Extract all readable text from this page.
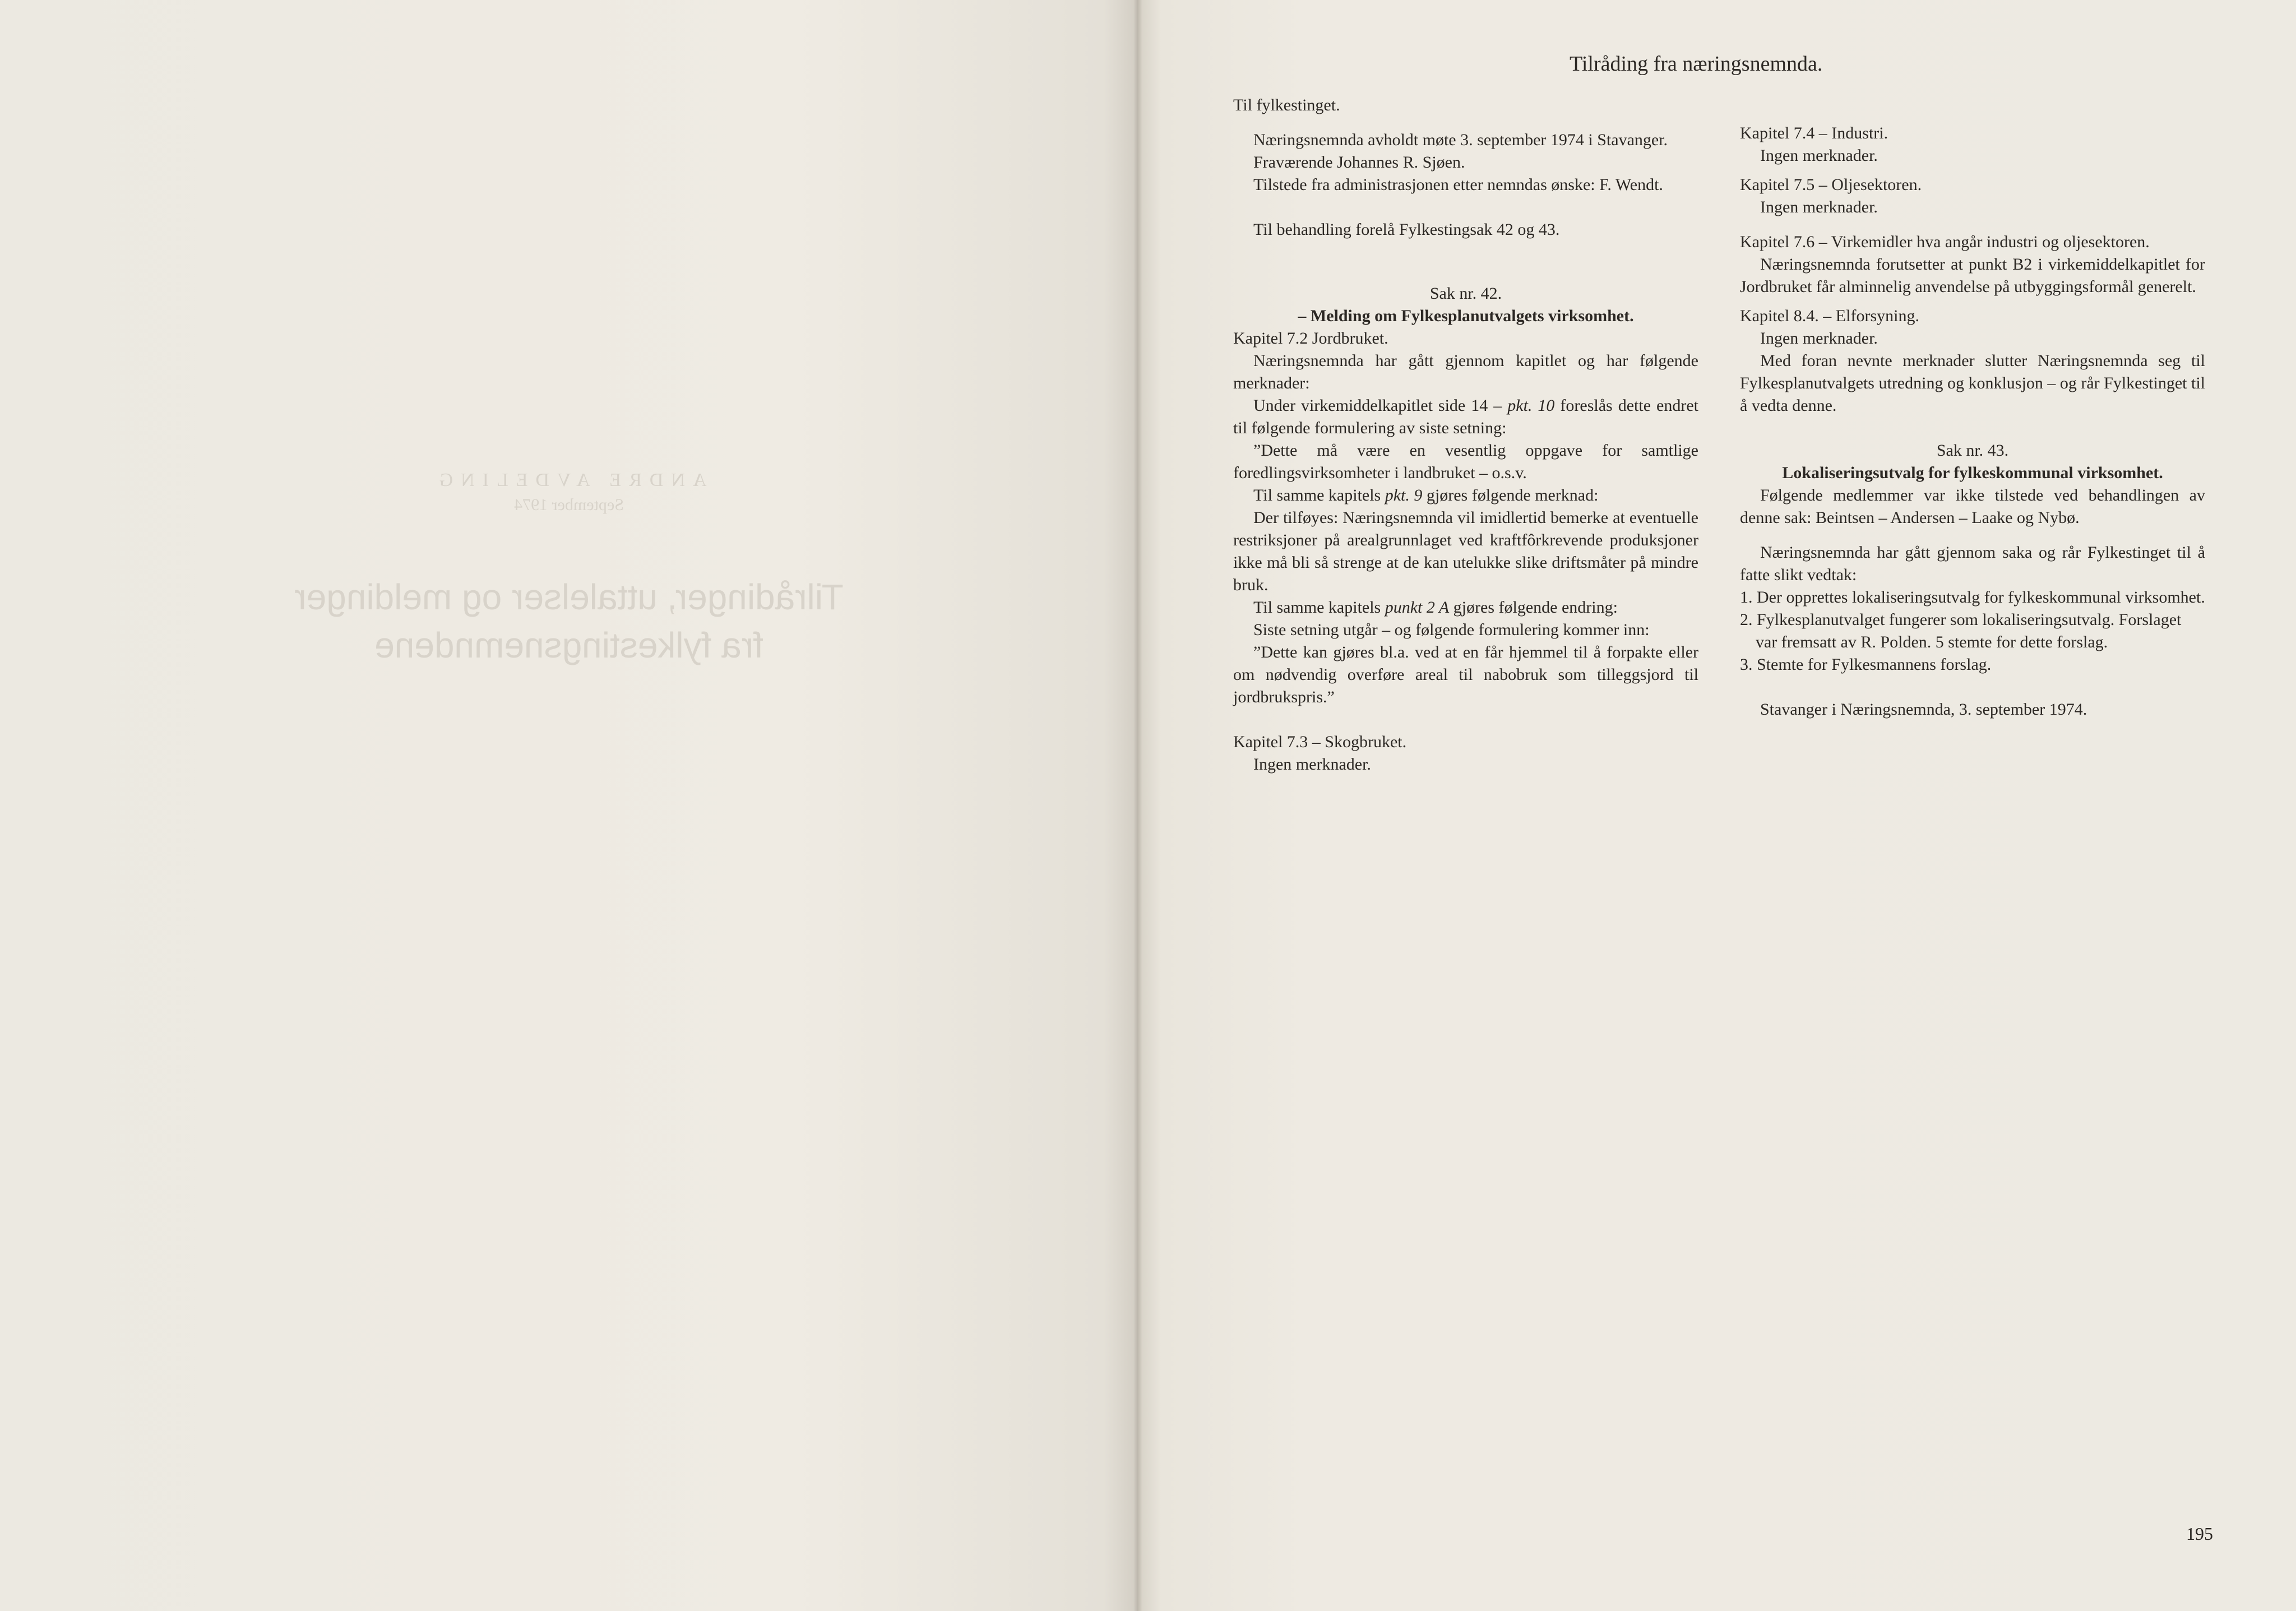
ANDRE AVDELING
September 1974
Tilrådinger, uttalelser og meldinger
fra fylkestingsnemndene
Tilråding fra næringsnemnda.

Til fylkestinget.

Næringsnemnda avholdt møte 3. september 1974 i Stavanger.

Fraværende Johannes R. Sjøen.

Tilstede fra administrasjonen etter nemndas ønske: F. Wendt.

Til behandling forelå Fylkestingsak 42 og 43.

Sak nr. 42.

– Melding om Fylkesplanutvalgets virksomhet.

Kapitel 7.2 Jordbruket.

Næringsnemnda har gått gjennom kapitlet og har følgende merknader:

Under virkemiddelkapitlet side 14 – pkt. 10 foreslås dette endret til følgende formulering av siste setning:

”Dette må være en vesentlig oppgave for samtlige foredlingsvirksomheter i landbruket – o.s.v.

Til samme kapitels pkt. 9 gjøres følgende merknad:

Der tilføyes: Næringsnemnda vil imidlertid bemerke at eventuelle restriksjoner på arealgrunnlaget ved kraftfôrkrevende produksjoner ikke må bli så strenge at de kan utelukke slike driftsmåter på mindre bruk.

Til samme kapitels punkt 2 A gjøres følgende endring:

Siste setning utgår – og følgende formulering kommer inn:

”Dette kan gjøres bl.a. ved at en får hjemmel til å forpakte eller om nødvendig overføre areal til nabobruk som tilleggsjord til jordbrukspris.”

Kapitel 7.3 – Skogbruket.

Ingen merknader.

Kapitel 7.4 – Industri.

Ingen merknader.

Kapitel 7.5 – Oljesektoren.

Ingen merknader.

Kapitel 7.6 – Virkemidler hva angår industri og oljesektoren.

Næringsnemnda forutsetter at punkt B2 i virkemiddelkapitlet for Jordbruket får alminnelig anvendelse på utbyggingsformål generelt.

Kapitel 8.4. – Elforsyning.

Ingen merknader.

Med foran nevnte merknader slutter Næringsnemnda seg til Fylkesplanutvalgets utredning og konklusjon – og rår Fylkestinget til å vedta denne.

Sak nr. 43.

Lokaliseringsutvalg for fylkeskommunal virksomhet.

Følgende medlemmer var ikke tilstede ved behandlingen av denne sak: Beintsen – Andersen – Laake og Nybø.

Næringsnemnda har gått gjennom saka og rår Fylkestinget til å fatte slikt vedtak:

1. Der opprettes lokaliseringsutvalg for fylkeskommunal virksomhet.
2. Fylkesplanutvalget fungerer som lokaliseringsutvalg. Forslaget var fremsatt av R. Polden. 5 stemte for dette forslag.
3. Stemte for Fylkesmannens forslag.

Stavanger i Næringsnemnda, 3. september 1974.

195
